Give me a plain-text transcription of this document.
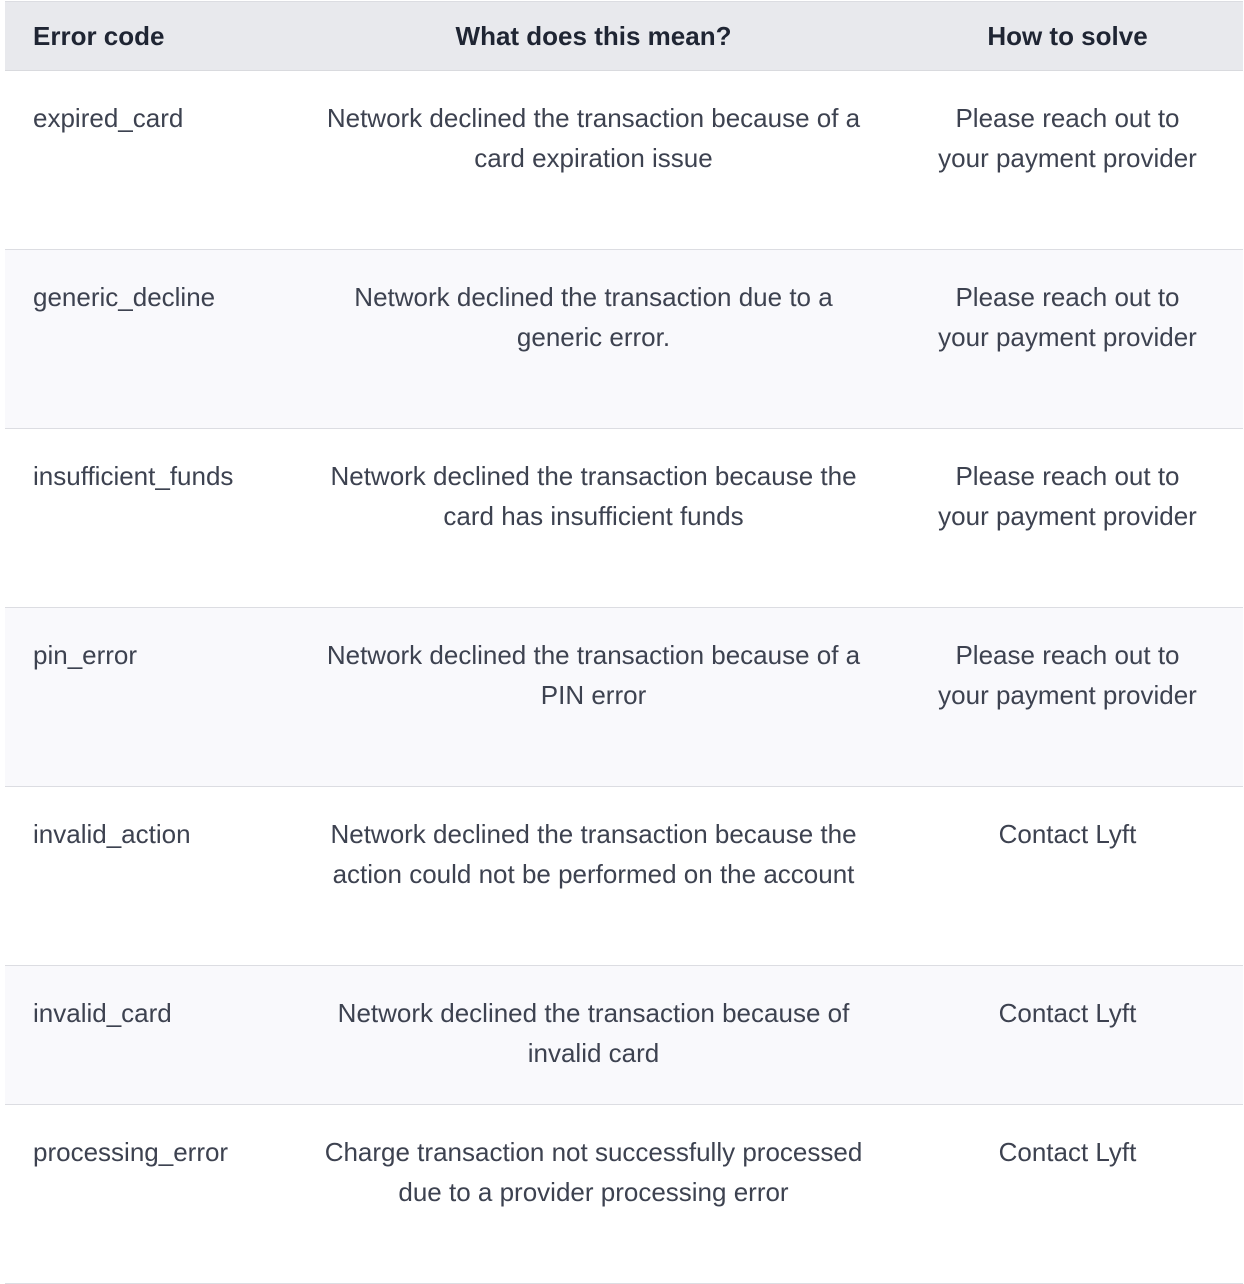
Error code	What does this mean?	How to solve
expired_card	Network declined the transaction because of a card expiration issue	Please reach out to your payment provider
generic_decline	Network declined the transaction due to a generic error.	Please reach out to your payment provider
insufficient_funds	Network declined the transaction because the card has insufficient funds	Please reach out to your payment provider
pin_error	Network declined the transaction because of a PIN error	Please reach out to your payment provider
invalid_action	Network declined the transaction because the action could not be performed on the account	Contact Lyft
invalid_card	Network declined the transaction because of invalid card	Contact Lyft
processing_error	Charge transaction not successfully processed due to a provider processing error	Contact Lyft
